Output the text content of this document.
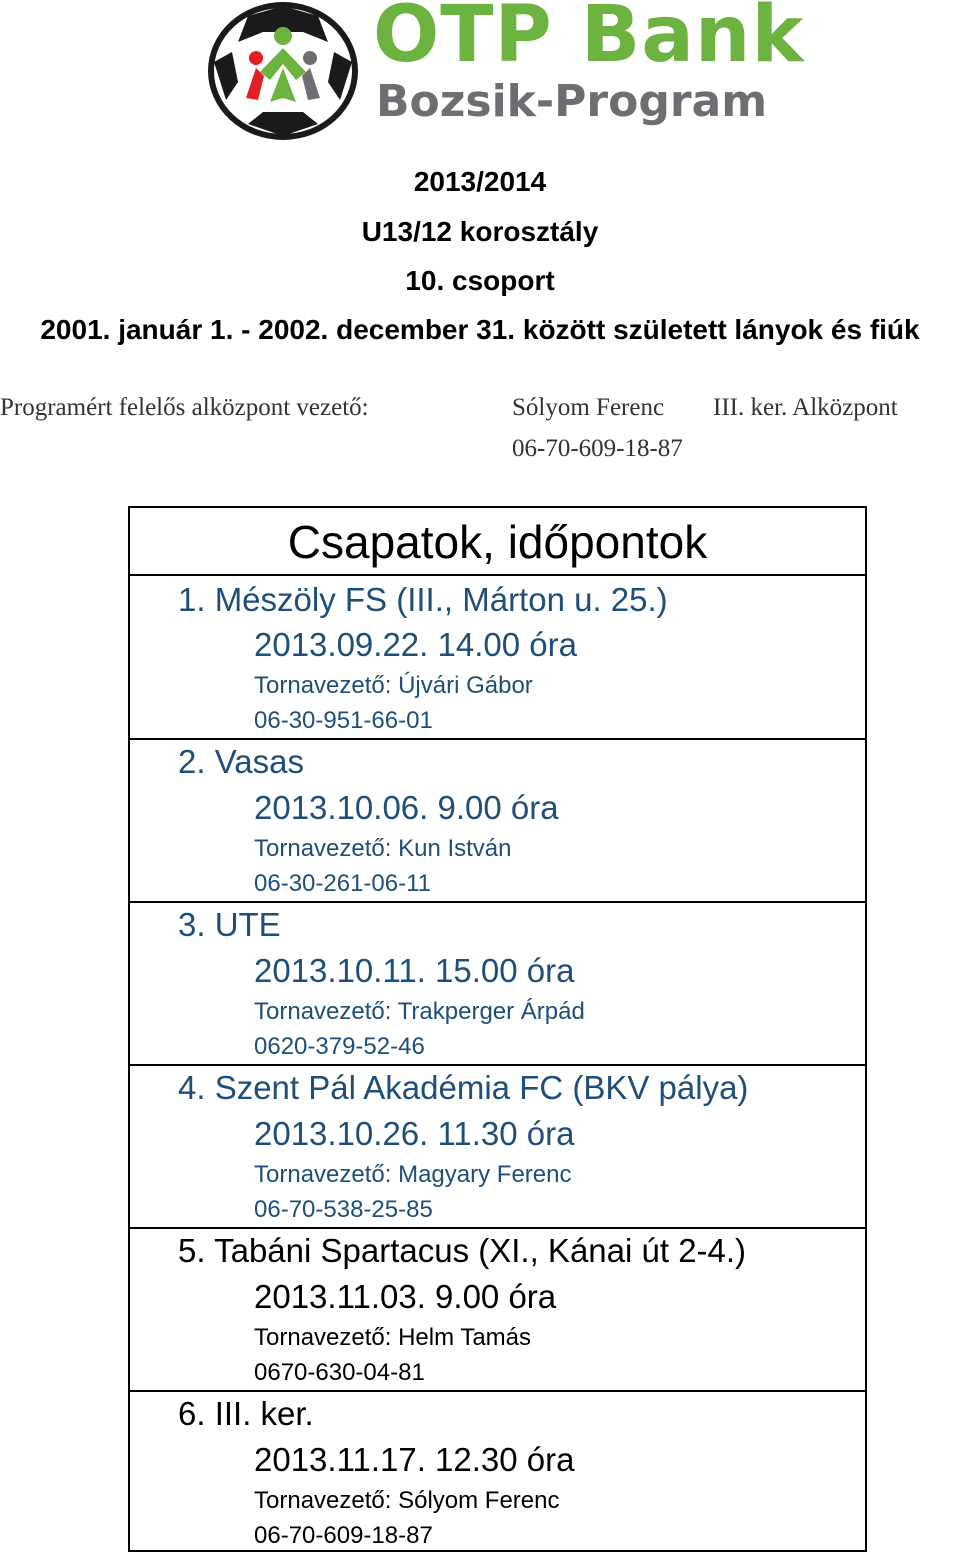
OTP Bank
Bozsik-Program
2013/2014
U13/12 korosztály
10. csoport
2001. január 1. - 2002. december 31. között született lányok és fiúk
Programért felelős alközpont vezető:	Sólyom Ferenc III. ker. Alközpont
06-70-609-18-87
Csapatok, időpontok
1. Mészöly FS (III., Márton u. 25.)
2013.09.22. 14.00 óra
Tornavezető: Újvári Gábor
06-30-951-66-01
2. Vasas
2013.10.06. 9.00 óra
Tornavezető: Kun István
06-30-261-06-11
3. UTE
2013.10.11. 15.00 óra
Tornavezető: Trakperger Árpád
0620-379-52-46
4. Szent Pál Akadémia FC (BKV pálya)
2013.10.26. 11.30 óra
Tornavezető: Magyary Ferenc
06-70-538-25-85
5. Tabáni Spartacus (XI., Kánai út 2-4.)
2013.11.03. 9.00 óra
Tornavezető: Helm Tamás
0670-630-04-81
6. III. ker.
2013.11.17. 12.30 óra
Tornavezető: Sólyom Ferenc
06-70-609-18-87
